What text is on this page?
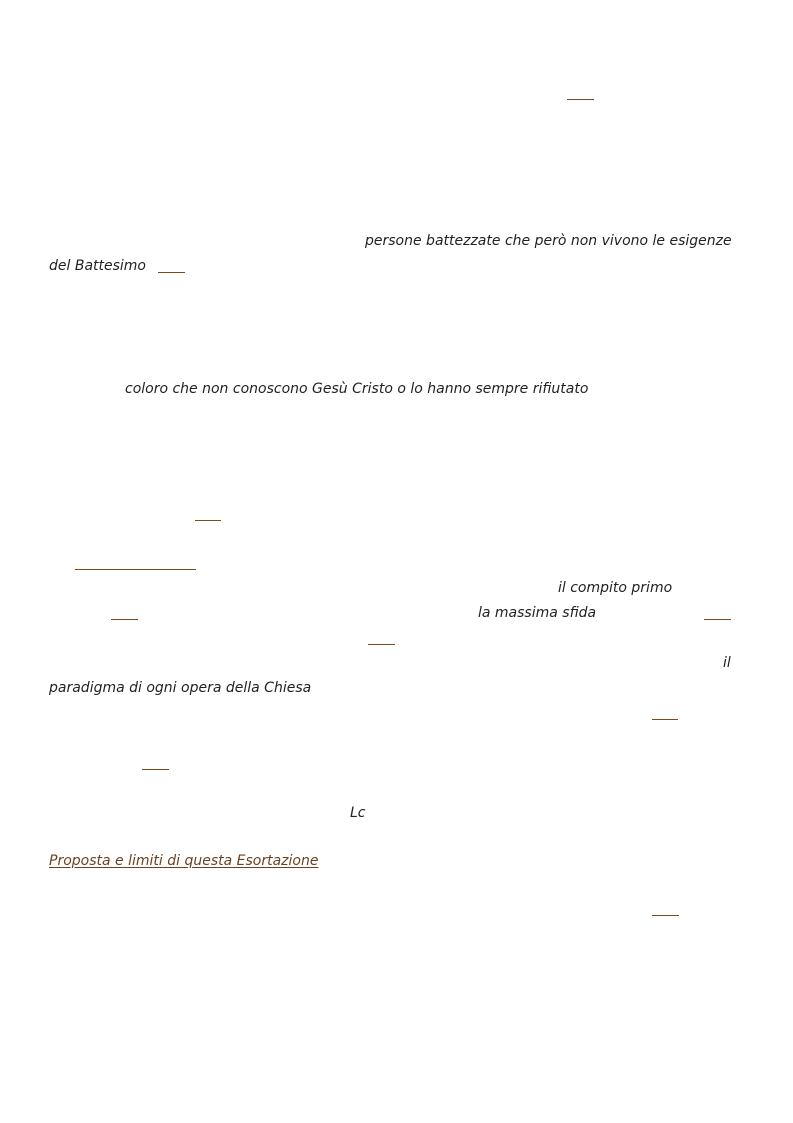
persone battezzate che però non vivono le esigenze

del Battesimo

coloro che non conoscono Gesù Cristo o lo hanno sempre rifiutato

il compito primo

la massima sfida

il

paradigma di ogni opera della Chiesa

Lc

Proposta e limiti di questa Esortazione
